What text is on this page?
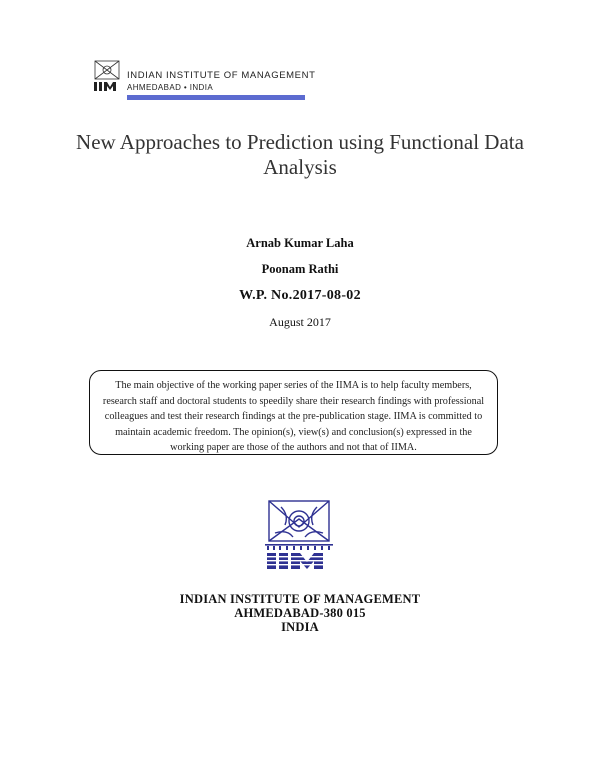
INDIAN INSTITUTE OF MANAGEMENT
AHMEDABAD • INDIA
New Approaches to Prediction using Functional Data Analysis
Arnab Kumar Laha
Poonam Rathi
W.P. No.2017-08-02
August 2017
The main objective of the working paper series of the IIMA is to help faculty members, research staff and doctoral students to speedily share their research findings with professional colleagues and test their research findings at the pre-publication stage. IIMA is committed to maintain academic freedom. The opinion(s), view(s) and conclusion(s) expressed in the working paper are those of the authors and not that of IIMA.
INDIAN INSTITUTE OF MANAGEMENT
AHMEDABAD-380 015
INDIA
